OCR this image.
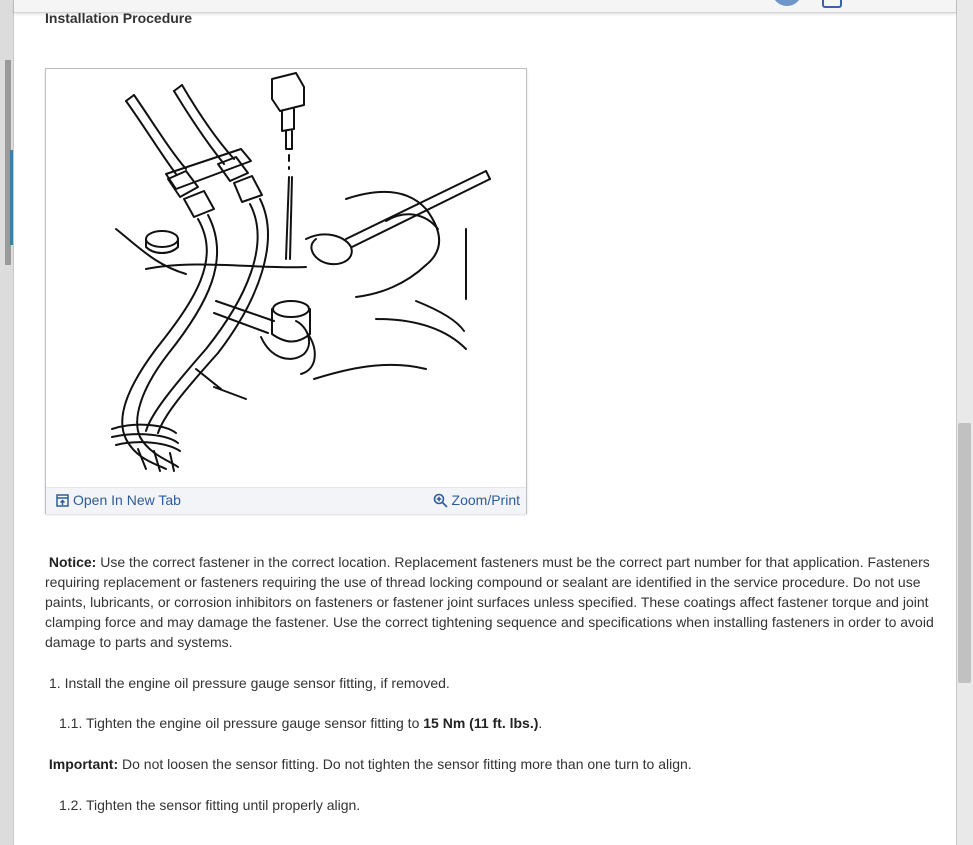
Installation Procedure
Open In New Tab	Zoom/Print
Notice: Use the correct fastener in the correct location. Replacement fasteners must be the correct part number for that application. Fasteners requiring replacement or fasteners requiring the use of thread locking compound or sealant are identified in the service procedure. Do not use paints, lubricants, or corrosion inhibitors on fasteners or fastener joint surfaces unless specified. These coatings affect fastener torque and joint clamping force and may damage the fastener. Use the correct tightening sequence and specifications when installing fasteners in order to avoid damage to parts and systems.
1. Install the engine oil pressure gauge sensor fitting, if removed.
1.1. Tighten the engine oil pressure gauge sensor fitting to 15 Nm (11 ft. lbs.).
Important: Do not loosen the sensor fitting. Do not tighten the sensor fitting more than one turn to align.
1.2. Tighten the sensor fitting until properly align.
